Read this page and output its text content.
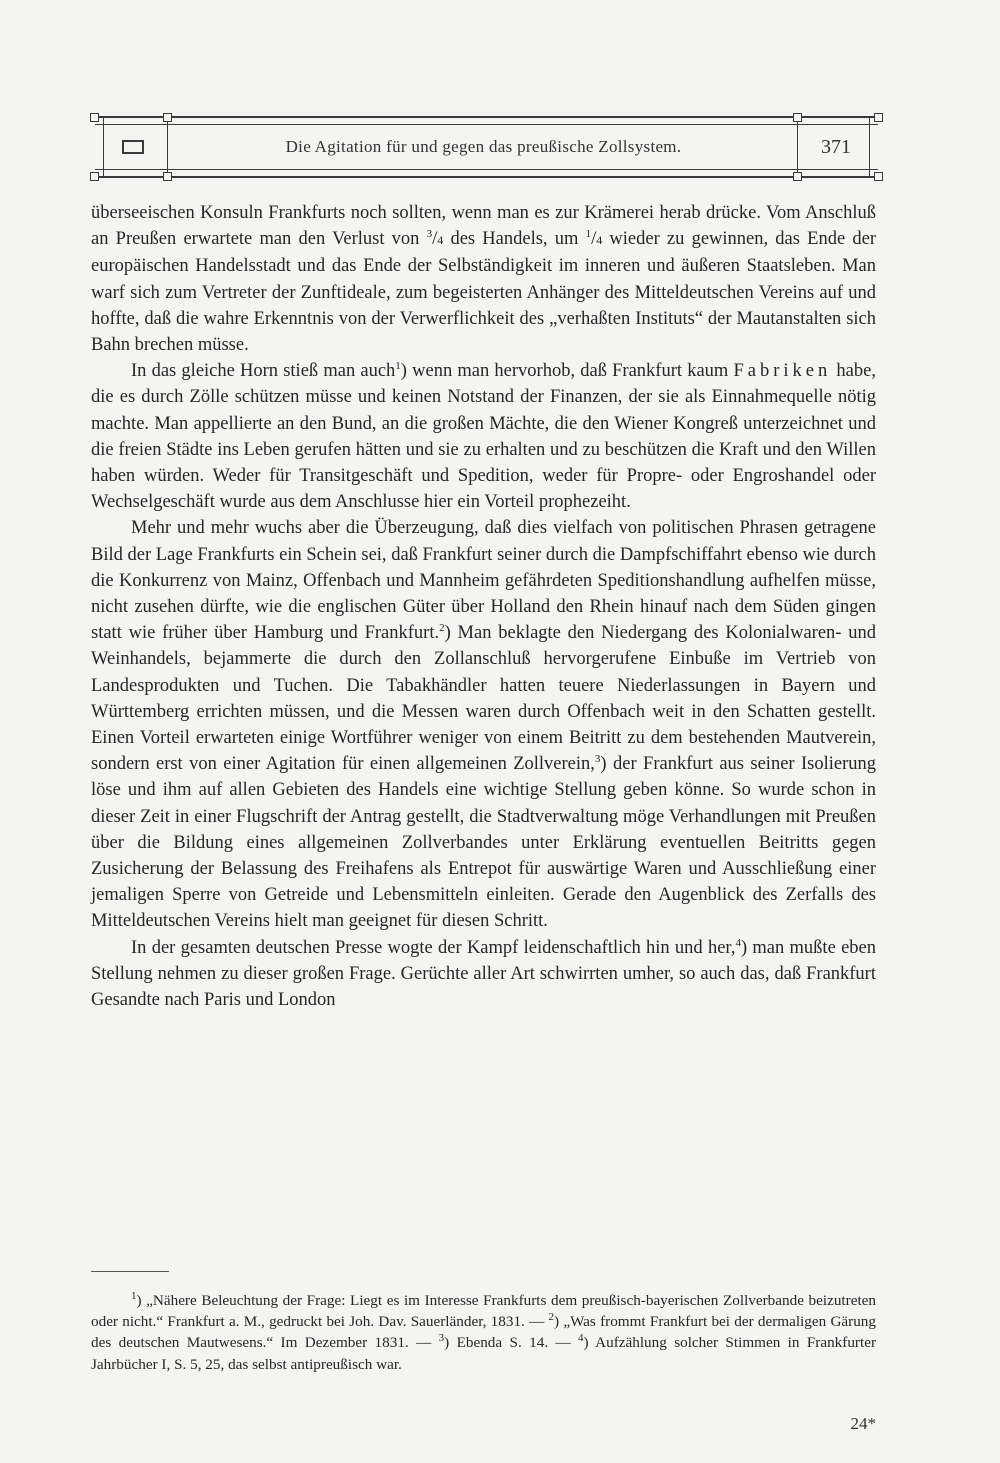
Die Agitation für und gegen das preußische Zollsystem.	371

überseeischen Konsuln Frankfurts noch sollten, wenn man es zur Krämerei herab drücke. Vom Anschluß an Preußen erwartete man den Verlust von $^3$/4 des Handels, um $^1$/4 wieder zu gewinnen, das Ende der europäischen Handelsstadt und das Ende der Selbständigkeit im inneren und äußeren Staatsleben. Man warf sich zum Vertreter der Zunftideale, zum begeisterten Anhänger des Mitteldeutschen Vereins auf und hoffte, daß die wahre Erkenntnis von der Verwerflichkeit des „verhaßten Instituts“ der Mautanstalten sich Bahn brechen müsse.

In das gleiche Horn stieß man auch$^1$) wenn man hervorhob, daß Frankfurt kaum Fabriken habe, die es durch Zölle schützen müsse und keinen Notstand der Finanzen, der sie als Einnahmequelle nötig machte. Man appellierte an den Bund, an die großen Mächte, die den Wiener Kongreß unterzeichnet und die freien Städte ins Leben gerufen hätten und sie zu erhalten und zu beschützen die Kraft und den Willen haben würden. Weder für Transitgeschäft und Spedition, weder für Propre- oder Engroshandel oder Wechselgeschäft wurde aus dem Anschlusse hier ein Vorteil prophezeiht.

Mehr und mehr wuchs aber die Überzeugung, daß dies vielfach von politischen Phrasen getragene Bild der Lage Frankfurts ein Schein sei, daß Frankfurt seiner durch die Dampfschiffahrt ebenso wie durch die Konkurrenz von Mainz, Offenbach und Mannheim gefährdeten Speditionshandlung aufhelfen müsse, nicht zusehen dürfte, wie die englischen Güter über Holland den Rhein hinauf nach dem Süden gingen statt wie früher über Hamburg und Frankfurt.$^2$) Man beklagte den Niedergang des Kolonialwaren- und Weinhandels, bejammerte die durch den Zollanschluß hervorgerufene Einbuße im Vertrieb von Landesprodukten und Tuchen. Die Tabakhändler hatten teuere Niederlassungen in Bayern und Württemberg errichten müssen, und die Messen waren durch Offenbach weit in den Schatten gestellt. Einen Vorteil erwarteten einige Wortführer weniger von einem Beitritt zu dem bestehenden Mautverein, sondern erst von einer Agitation für einen allgemeinen Zollverein,$^3$) der Frankfurt aus seiner Isolierung löse und ihm auf allen Gebieten des Handels eine wichtige Stellung geben könne. So wurde schon in dieser Zeit in einer Flugschrift der Antrag gestellt, die Stadtverwaltung möge Verhandlungen mit Preußen über die Bildung eines allgemeinen Zollverbandes unter Erklärung eventuellen Beitritts gegen Zusicherung der Belassung des Freihafens als Entrepot für auswärtige Waren und Ausschließung einer jemaligen Sperre von Getreide und Lebensmitteln einleiten. Gerade den Augenblick des Zerfalls des Mitteldeutschen Vereins hielt man geeignet für diesen Schritt.

In der gesamten deutschen Presse wogte der Kampf leidenschaftlich hin und her,$^4$) man mußte eben Stellung nehmen zu dieser großen Frage. Gerüchte aller Art schwirrten umher, so auch das, daß Frankfurt Gesandte nach Paris und London

$^1$) „Nähere Beleuchtung der Frage: Liegt es im Interesse Frankfurts dem preußisch-bayerischen Zollverbande beizutreten oder nicht.“ Frankfurt a. M., gedruckt bei Joh. Dav. Sauerländer, 1831. — $^2$) „Was frommt Frankfurt bei der dermaligen Gärung des deutschen Mautwesens.“ Im Dezember 1831. — $^3$) Ebenda S. 14. — $^4$) Aufzählung solcher Stimmen in Frankfurter Jahrbücher I, S. 5, 25, das selbst antipreußisch war.

24*
